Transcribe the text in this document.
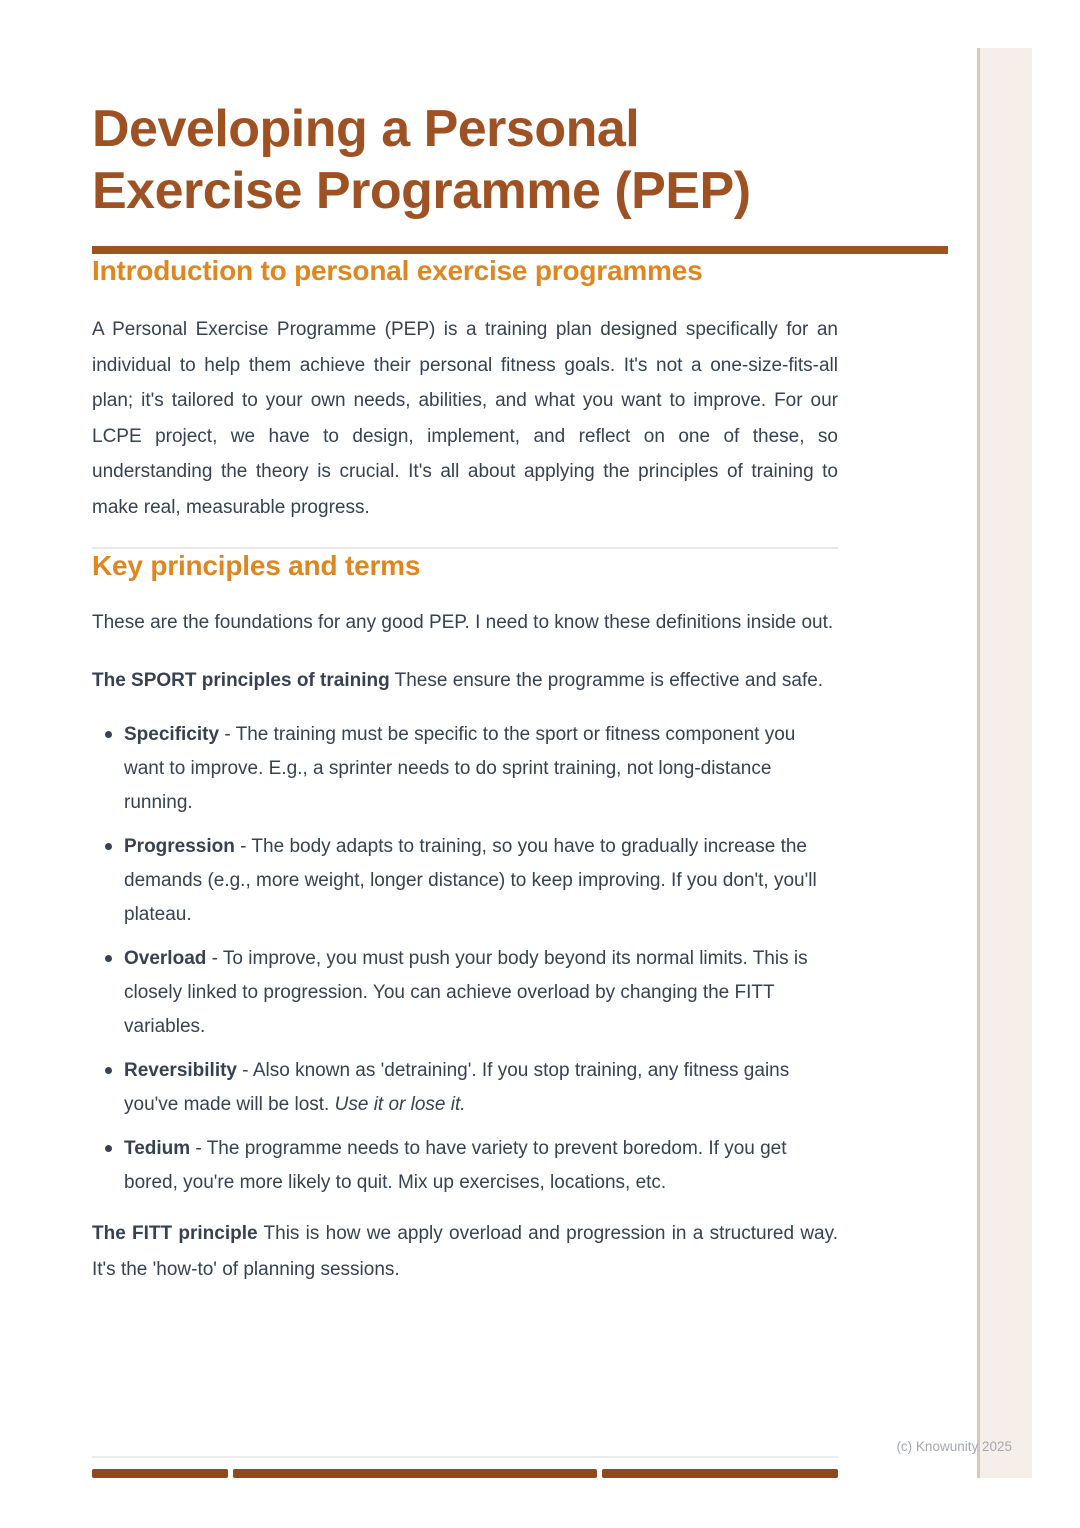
Developing a Personal Exercise Programme (PEP)
Introduction to personal exercise programmes

A Personal Exercise Programme (PEP) is a training plan designed specifically for an individual to help them achieve their personal fitness goals. It's not a one-size-fits-all plan; it's tailored to your own needs, abilities, and what you want to improve. For our LCPE project, we have to design, implement, and reflect on one of these, so understanding the theory is crucial. It's all about applying the principles of training to make real, measurable progress.

Key principles and terms

These are the foundations for any good PEP. I need to know these definitions inside out.

The SPORT principles of training These ensure the programme is effective and safe.

Specificity - The training must be specific to the sport or fitness component you want to improve. E.g., a sprinter needs to do sprint training, not long-distance running.
Progression - The body adapts to training, so you have to gradually increase the demands (e.g., more weight, longer distance) to keep improving. If you don't, you'll plateau.
Overload - To improve, you must push your body beyond its normal limits. This is closely linked to progression. You can achieve overload by changing the FITT variables.
Reversibility - Also known as 'detraining'. If you stop training, any fitness gains you've made will be lost. Use it or lose it.
Tedium - The programme needs to have variety to prevent boredom. If you get bored, you're more likely to quit. Mix up exercises, locations, etc.

The FITT principle This is how we apply overload and progression in a structured way. It's the 'how-to' of planning sessions.

(c) Knowunity 2025
